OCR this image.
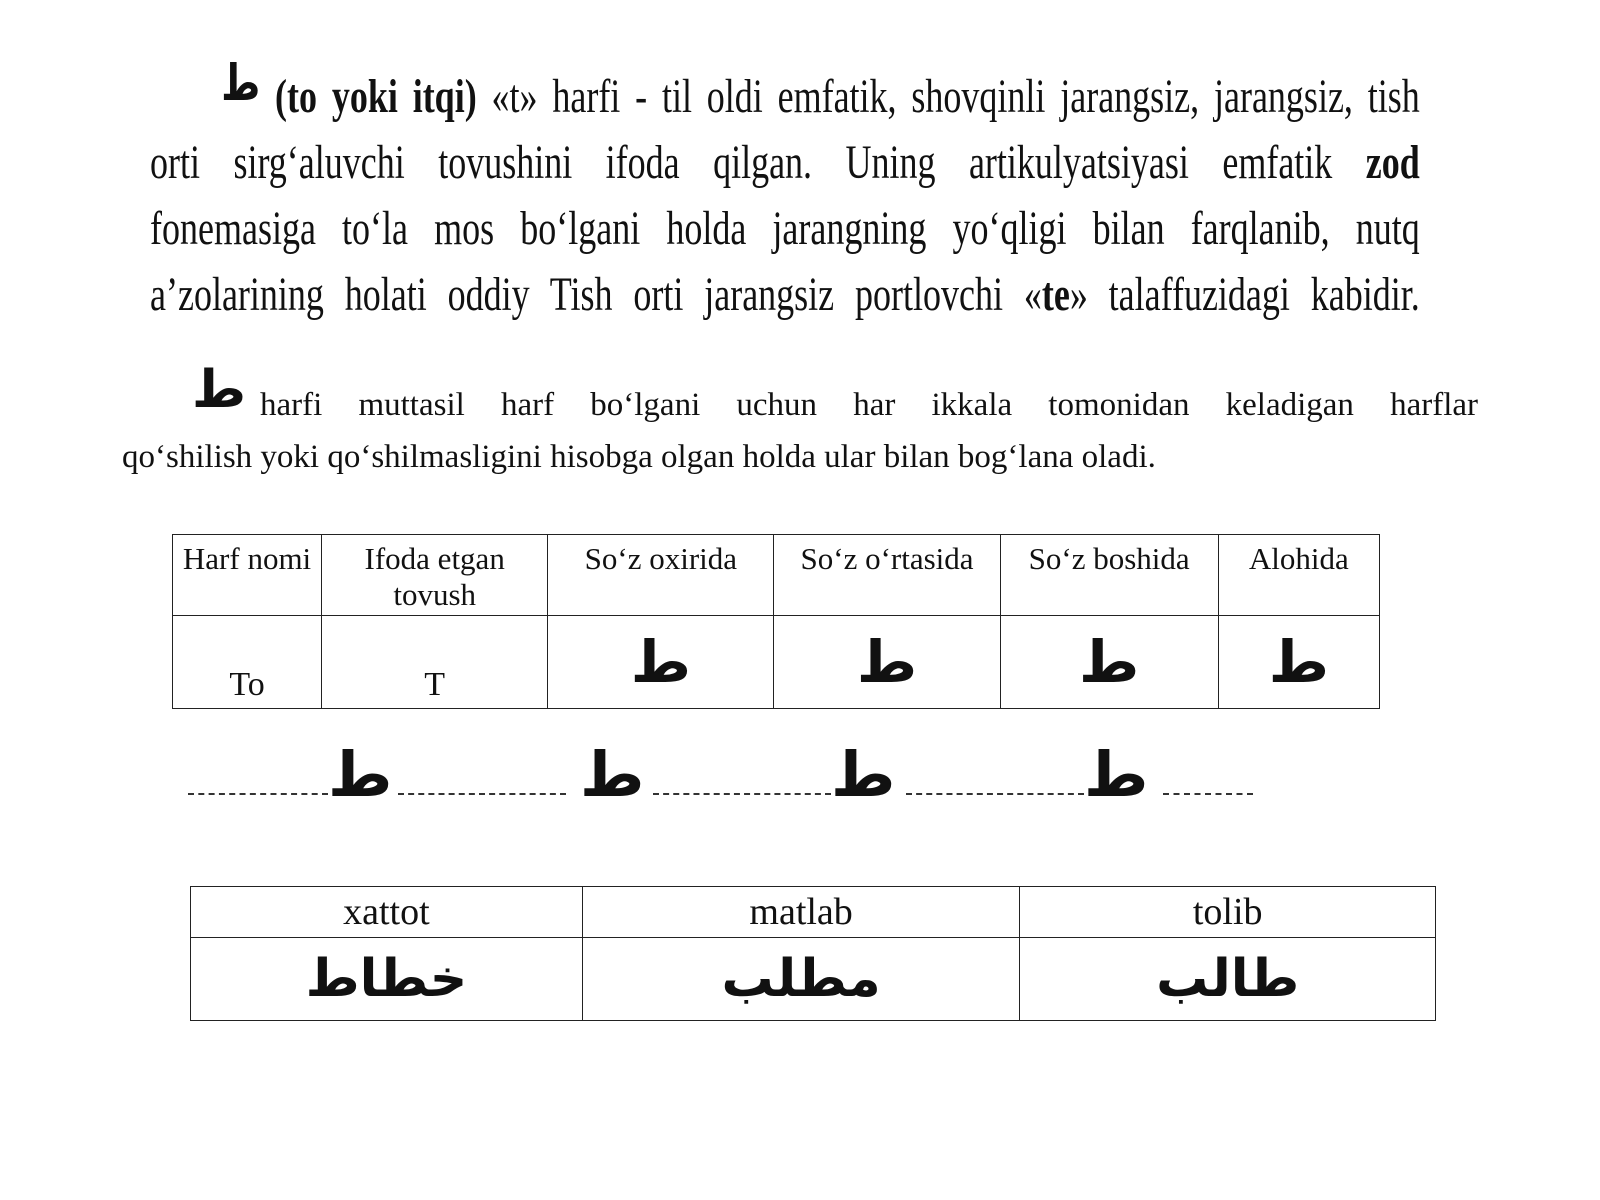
ط (to yoki itqi) «t» harfi - til oldi emfatik, shovqinli jarangsiz, jarangsiz, tish
orti sirg‘aluvchi tovushini ifoda qilgan. Uning artikulyatsiyasi emfatik zod
fonemasiga to‘la mos bo‘lgani holda jarangning yo‘qligi bilan farqlanib, nutq
a’zolarining holati oddiy Tish orti jarangsiz portlovchi «te» talaffuzidagi kabidir.
طharfi muttasil harf bo‘lgani uchun har ikkala tomonidan keladigan harflar
qo‘shilish yoki qo‘shilmasligini hisobga olgan holda ular bilan bog‘lana oladi.
Harf nomi	Ifoda etgan tovush	So‘z oxirida	So‘z o‘rtasida	So‘z boshida	Alohida
To	T	ط	ط	ط	ط
ط	ط	ط	ط
xattot	matlab	tolib
خطاط	مطلب	طالب
